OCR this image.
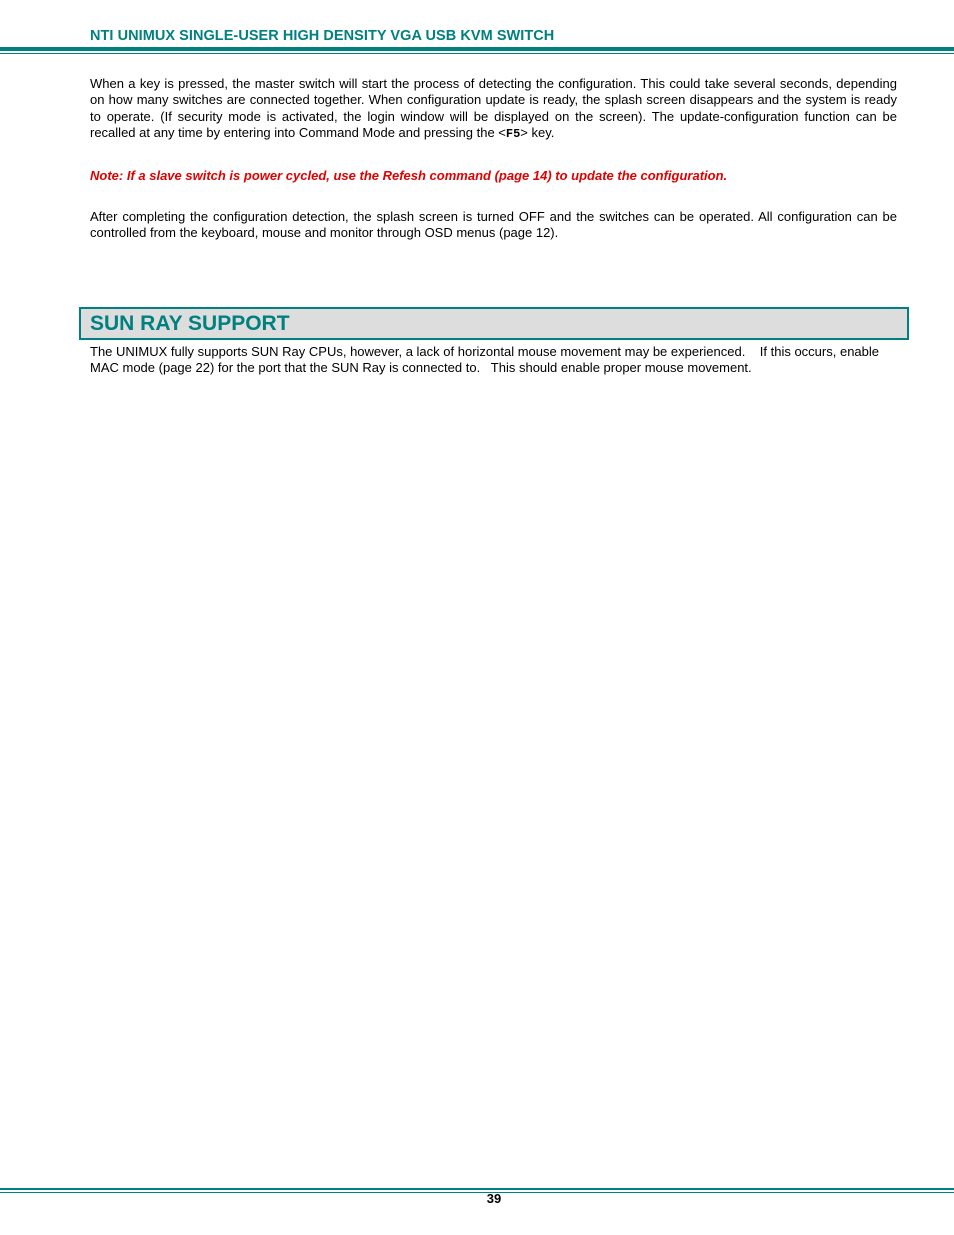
NTI UNIMUX SINGLE-USER HIGH DENSITY VGA USB KVM SWITCH

When a key is pressed, the master switch will start the process of detecting the configuration. This could take several seconds, depending on how many switches are connected together. When configuration update is ready, the splash screen disappears and the system is ready to operate. (If security mode is activated, the login window will be displayed on the screen). The update-configuration function can be recalled at any time by entering into Command Mode and pressing the <F5> key.

Note: If a slave switch is power cycled, use the Refesh command (page 14) to update the configuration.

After completing the configuration detection, the splash screen is turned OFF and the switches can be operated. All configuration can be controlled from the keyboard, mouse and monitor through OSD menus (page 12).

SUN RAY SUPPORT

The UNIMUX fully supports SUN Ray CPUs, however, a lack of horizontal mouse movement may be experienced.    If this occurs, enable MAC mode (page 22) for the port that the SUN Ray is connected to.   This should enable proper mouse movement.

39
